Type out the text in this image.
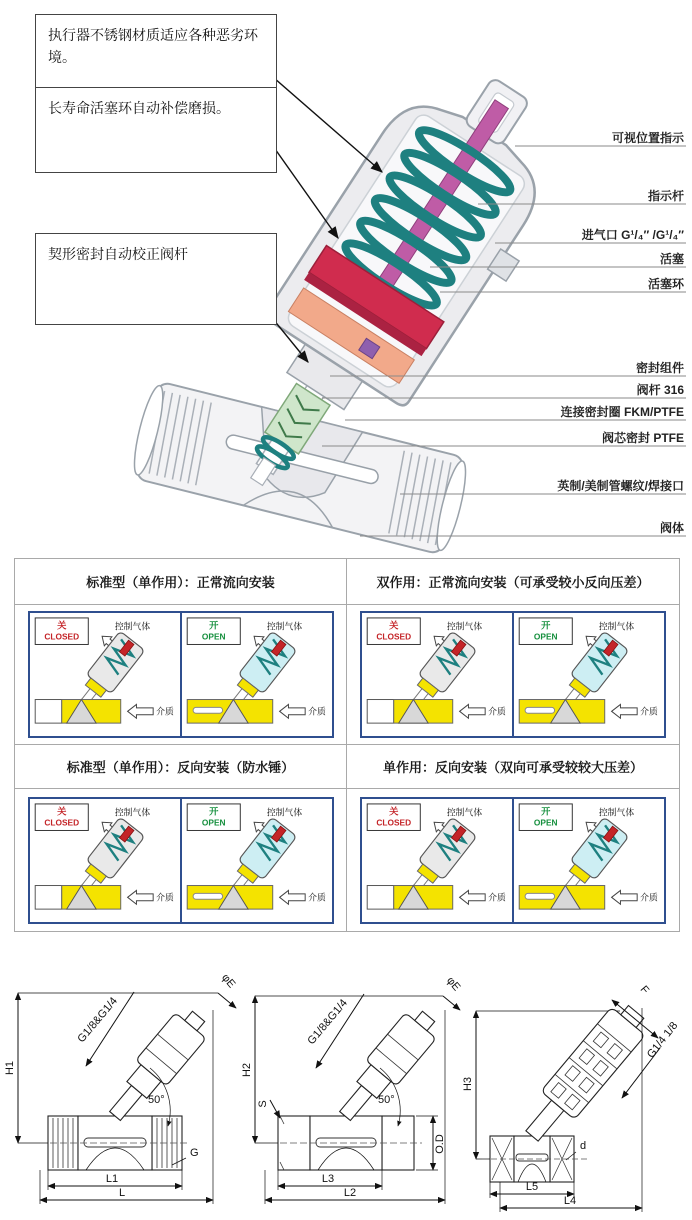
执行器不锈钢材质适应各种恶劣环境。
长寿命活塞环自动补偿磨损。
契形密封自动校正阀杆
可视位置指示
指示杆
进气口 G¹/₄″ /G¹/₄″
活塞
活塞环
密封组件
阀杆 316
连接密封圈 FKM/PTFE
阀芯密封 PTFE
英制/美制管螺纹/焊接口
阀体
标准型（单作用）：正常流向安装	双作用：正常流向安装（可承受较小反向压差）
关
CLOSED
控制气体
介质
开
OPEN
控制气体
介质
关
CLOSED
控制气体
介质
开
OPEN
控制气体
介质
标准型（单作用）：反向安装（防水锤）	单作用：反向安装（双向可承受较较大压差）
关
CLOSED
控制气体
介质
开
OPEN
控制气体
介质
关
CLOSED
控制气体
介质
开
OPEN
控制气体
介质
H1
G1/8&G1/4
φE
50°
G
L1
L
H2
G1/8&G1/4
φE
50°
S
O.D
L3
L2
H3
F
G1/4 1/8
d
L5
L4
